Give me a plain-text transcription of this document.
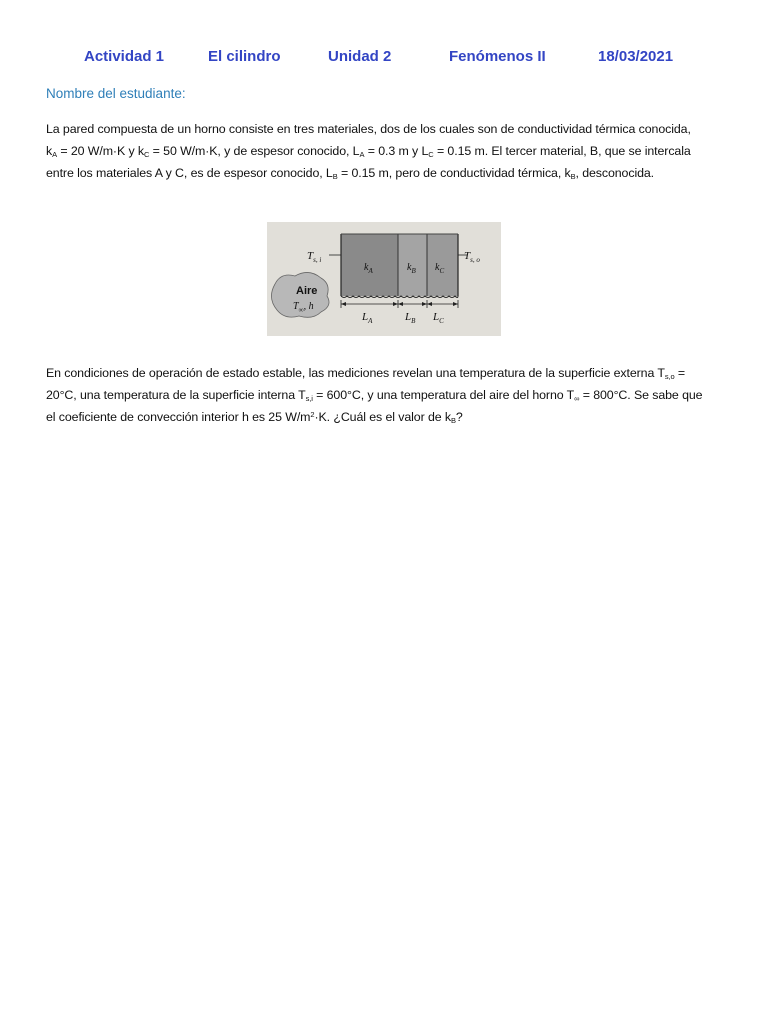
Actividad 1	El cilindro	Unidad 2	Fenómenos II	18/03/2021
Nombre del estudiante:
La pared compuesta de un horno consiste en tres materiales, dos de los cuales son de conductividad térmica conocida,
$k_A = 20$ W/m·K y $k_C = 50$ W/m·K, y de espesor conocido, $L_A = 0.3$ m y $L_C = 0.15$ m. El tercer material, B, que se intercala
entre los materiales A y C, es de espesor conocido, $L_B = 0.15$ m, pero de conductividad térmica, $k_B$, desconocida.
$T_{s, i}$	$T_{s, o}$
$k_A$	$k_B$ $k_C$
Aire
$T_\infty$, h
$L_A$	$L_B$ $L_C$
En condiciones de operación de estado estable, las mediciones revelan una temperatura de la superficie externa $T_{s,o}$ =
20°C, una temperatura de la superficie interna $T_{s,i} = 600^\circ C$, y una temperatura del aire del horno $T_\infty = 800^\circ C$. Se sabe que
el coeficiente de convección interior h es 25 $W/m^2\cdot K$. ¿Cuál es el valor de $k_B$?
